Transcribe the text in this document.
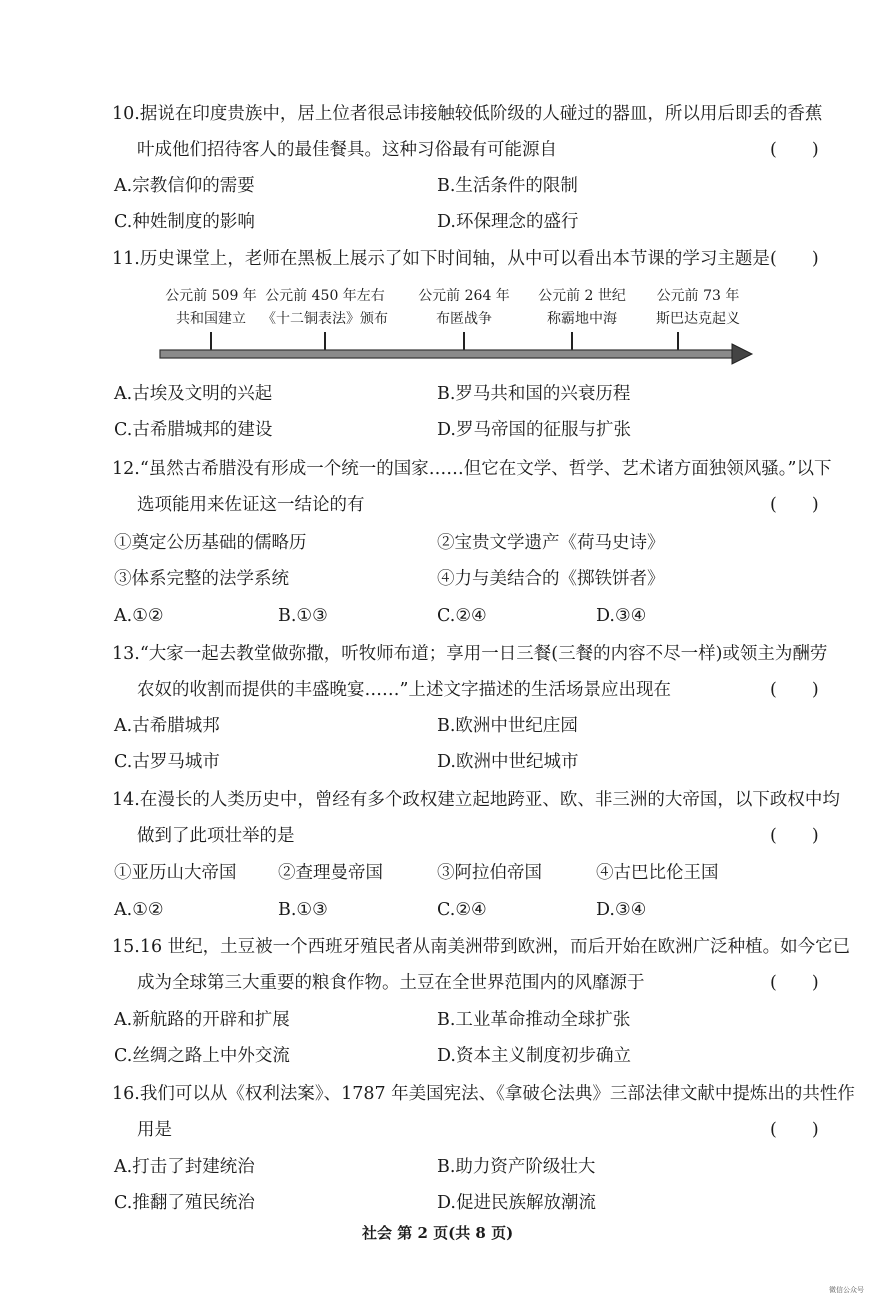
10.据说在印度贵族中，居上位者很忌讳接触较低阶级的人碰过的器皿，所以用后即丢的香蕉
叶成他们招待客人的最佳餐具。这种习俗最有可能源自	(　　)
A.宗教信仰的需要	B.生活条件的限制
C.种姓制度的影响	D.环保理念的盛行
11.历史课堂上，老师在黑板上展示了如下时间轴，从中可以看出本节课的学习主题是 (　　)
公元前 509 年
共和国建立
公元前 450 年左右
《十二铜表法》颁布
公元前 264 年
布匿战争
公元前 2 世纪
称霸地中海
公元前 73 年
斯巴达克起义
A.古埃及文明的兴起	B.罗马共和国的兴衰历程
C.古希腊城邦的建设	D.罗马帝国的征服与扩张
12.“虽然古希腊没有形成一个统一的国家……但它在文学、哲学、艺术诸方面独领风骚。”以下
选项能用来佐证这一结论的有	(　　)
①奠定公历基础的儒略历	②宝贵文学遗产《荷马史诗》
③体系完整的法学系统	④力与美结合的《掷铁饼者》
A.①②	B.①③	C.②④	D.③④
13.“大家一起去教堂做弥撒，听牧师布道；享用一日三餐(三餐的内容不尽一样)或领主为酬劳
农奴的收割而提供的丰盛晚宴……”上述文字描述的生活场景应出现在	(　　)
A.古希腊城邦	B.欧洲中世纪庄园
C.古罗马城市	D.欧洲中世纪城市
14.在漫长的人类历史中，曾经有多个政权建立起地跨亚、欧、非三洲的大帝国，以下政权中均
做到了此项壮举的是	(　　)
①亚历山大帝国 ②查理曼帝国	③阿拉伯帝国	④古巴比伦王国
A.①②	B.①③	C.②④	D.③④
15.16 世纪，土豆被一个西班牙殖民者从南美洲带到欧洲，而后开始在欧洲广泛种植。如今它已
成为全球第三大重要的粮食作物。土豆在全世界范围内的风靡源于	(　　)
A.新航路的开辟和扩展	B.工业革命推动全球扩张
C.丝绸之路上中外交流	D.资本主义制度初步确立
16.我们可以从《权利法案》、1787 年美国宪法、《拿破仑法典》三部法律文献中提炼出的共性作
用是	(　　)
A.打击了封建统治	B.助力资产阶级壮大
C.推翻了殖民统治	D.促进民族解放潮流
社会 第 2 页(共 8 页)
微信公众号
